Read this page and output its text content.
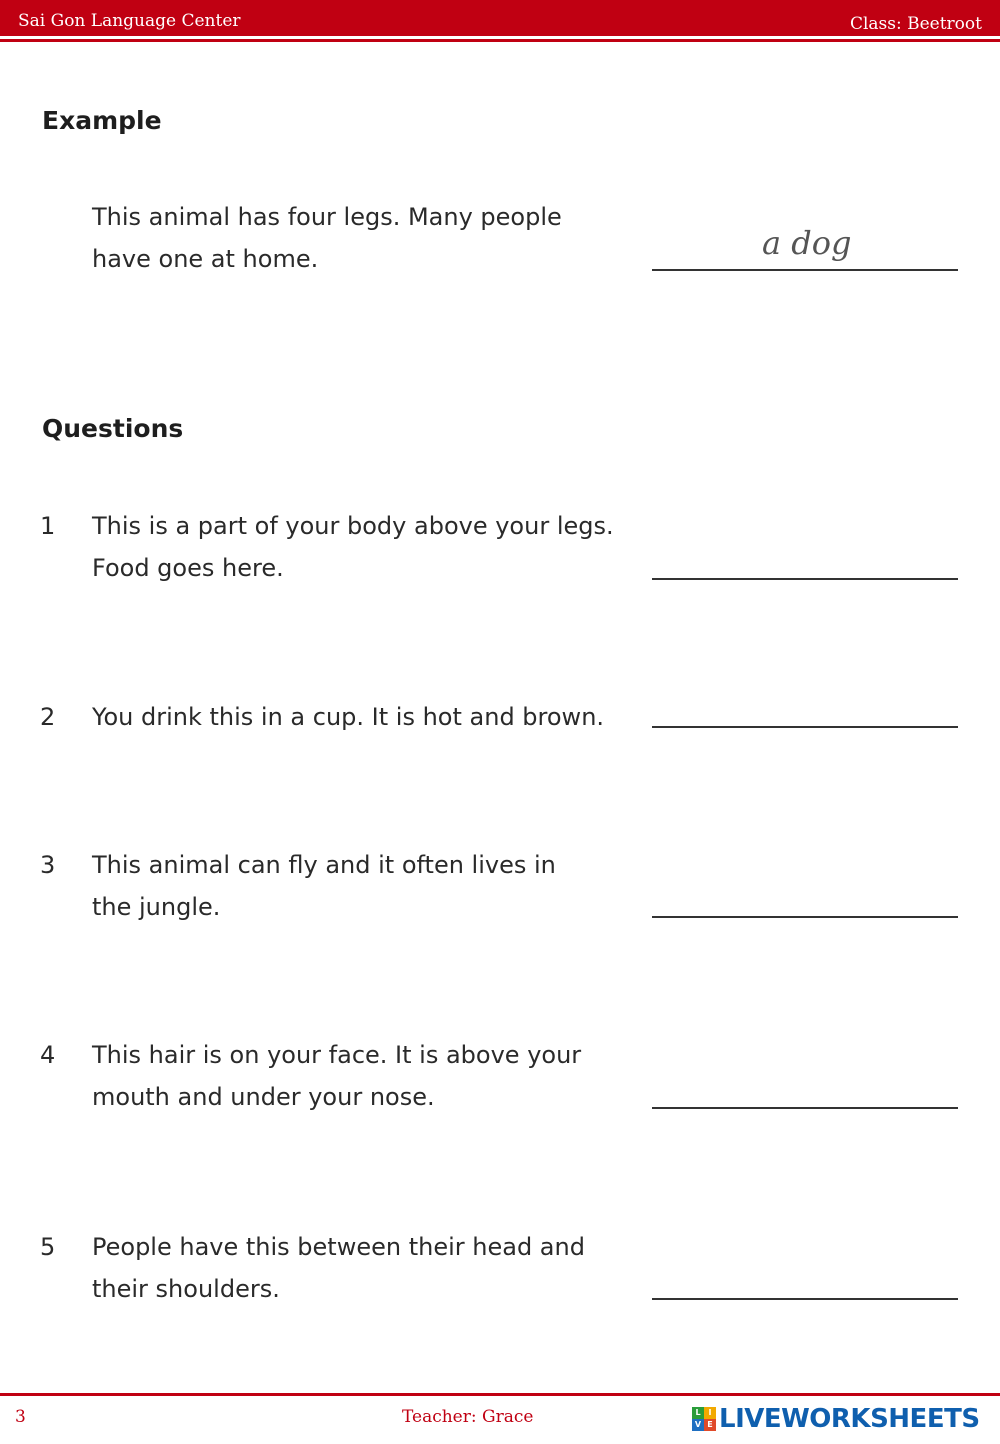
Sai Gon Language Center	Class: Beetroot
Example
This animal has four legs. Many people
have one at home.	a dog
Questions
1 This is a part of your body above your legs.
Food goes here.
2 You drink this in a cup. It is hot and brown.
3 This animal can fly and it often lives in
the jungle.
4 This hair is on your face. It is above your
mouth and under your nose.
5 People have this between their head and
their shoulders.
3	Teacher: Grace	L I
V E LIVEWORKSHEETS
